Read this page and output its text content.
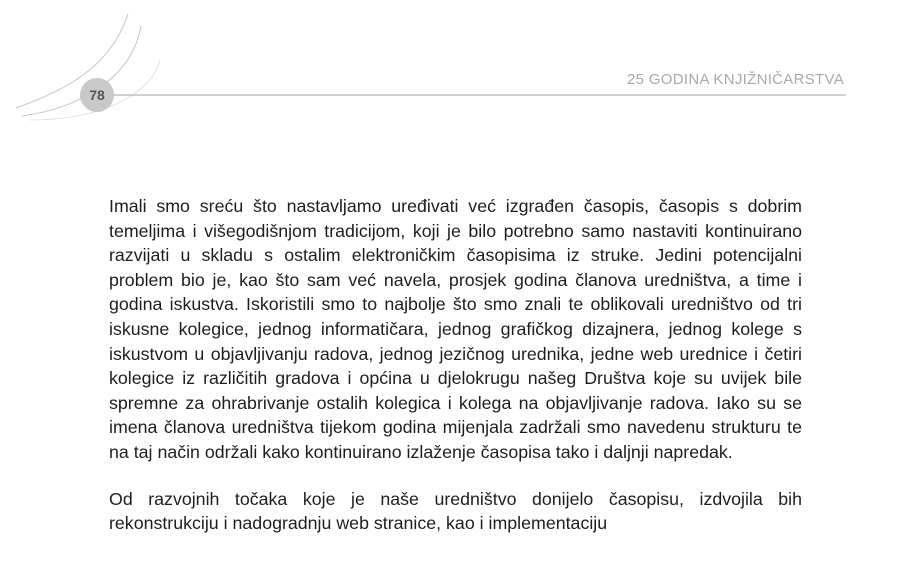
78
25 GODINA KNJIŽNIČARSTVA

Imali smo sreću što nastavljamo uređivati već izgrađen časopis, časopis s dobrim temeljima i višegodišnjom tradicijom, koji je bilo potrebno samo nastaviti kontinuirano razvijati u skladu s ostalim elektroničkim časopisima iz struke. Jedini potencijalni problem bio je, kao što sam već navela, prosjek godina članova uredništva, a time i godina iskustva. Iskoristili smo to najbolje što smo znali te oblikovali uredništvo od tri iskusne kolegice, jednog informatičara, jednog grafičkog dizajnera, jednog kolege s iskustvom u objavljivanju radova, jednog jezičnog urednika, jedne web urednice i četiri kolegice iz različitih gradova i općina u djelokrugu našeg Društva koje su uvijek bile spremne za ohrabrivanje ostalih kolegica i kolega na objavljivanje radova. Iako su se imena članova uredništva tijekom godina mijenjala zadržali smo navedenu strukturu te na taj način održali kako kontinuirano izlaženje časopisa tako i daljnji napredak.

Od razvojnih točaka koje je naše uredništvo donijelo časopisu, izdvojila bih rekonstrukciju i nadogradnju web stranice, kao i implementaciju
